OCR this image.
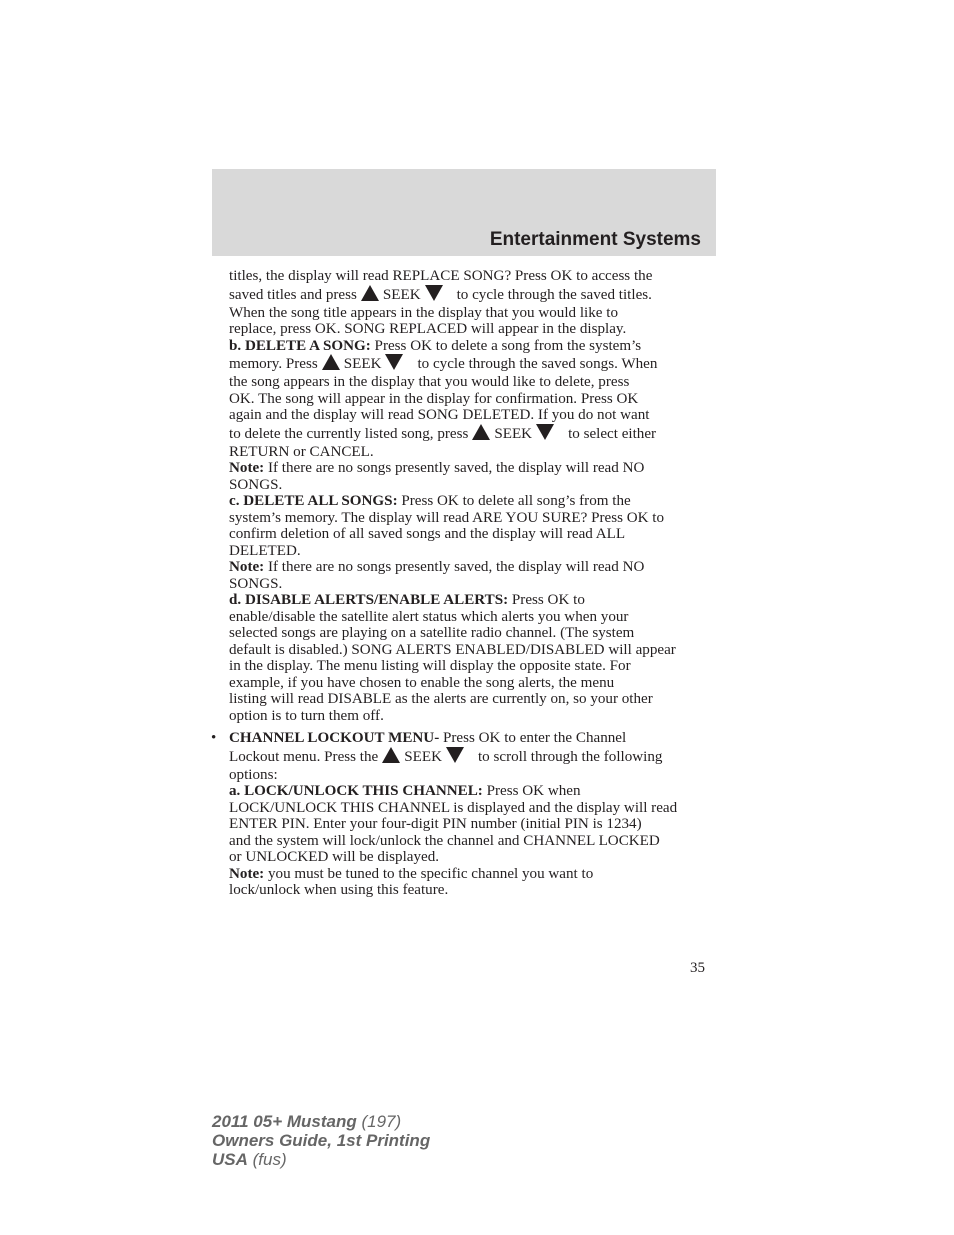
Entertainment Systems

titles, the display will read REPLACE SONG? Press OK to access the

saved titles and press SEEK to cycle through the saved titles.
When the song title appears in the display that you would like to
replace, press OK. SONG REPLACED will appear in the display.

b. DELETE A SONG: Press OK to delete a song from the system’s

memory. Press SEEK to cycle through the saved songs. When
the song appears in the display that you would like to delete, press
OK. The song will appear in the display for confirmation. Press OK
again and the display will read SONG DELETED. If you do not want

to delete the currently listed song, press SEEK to select either
RETURN or CANCEL.

Note: If there are no songs presently saved, the display will read NO
SONGS.

c. DELETE ALL SONGS: Press OK to delete all song’s from the
system’s memory. The display will read ARE YOU SURE? Press OK to
confirm deletion of all saved songs and the display will read ALL
DELETED.

Note: If there are no songs presently saved, the display will read NO
SONGS.

d. DISABLE ALERTS/ENABLE ALERTS: Press OK to
enable/disable the satellite alert status which alerts you when your
selected songs are playing on a satellite radio channel. (The system
default is disabled.) SONG ALERTS ENABLED/DISABLED will appear
in the display. The menu listing will display the opposite state. For
example, if you have chosen to enable the song alerts, the menu
listing will read DISABLE as the alerts are currently on, so your other
option is to turn them off.

• CHANNEL LOCKOUT MENU- Press OK to enter the Channel

Lockout menu. Press the SEEK to scroll through the following
options:

a. LOCK/UNLOCK THIS CHANNEL: Press OK when
LOCK/UNLOCK THIS CHANNEL is displayed and the display will read
ENTER PIN. Enter your four-digit PIN number (initial PIN is 1234)
and the system will lock/unlock the channel and CHANNEL LOCKED
or UNLOCKED will be displayed.

Note: you must be tuned to the specific channel you want to
lock/unlock when using this feature.

35
2011 05+ Mustang (197)
Owners Guide, 1st Printing
USA (fus)
